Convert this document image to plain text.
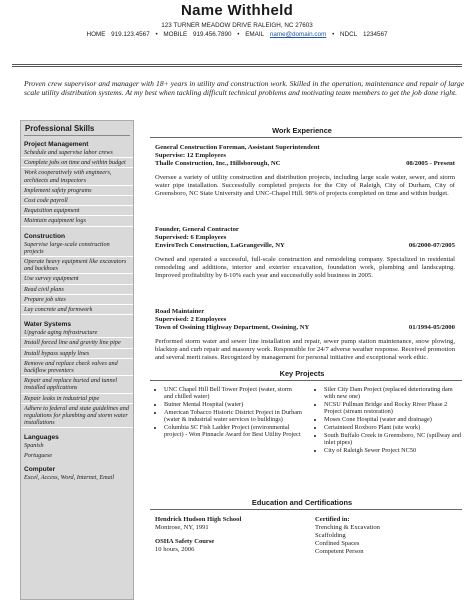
Name Withheld
123 TURNER MEADOW DRIVE RALEIGH, NC 27603
HOME 919.123.4567 • MOBILE 919.456.7890 • EMAIL name@domain.com • NDCL 1234567
Proven crew supervisor and manager with 18+ years in utility and construction work. Skilled in the operation, maintenance and repair of large scale utility distribution systems. At my best when tackling difficult technical problems and motivating team members to get the job done right.
Professional Skills
Project Management
Schedule and supervise labor crews
Complete jobs on time and within budget
Work cooperatively with engineers, architects and inspectors
Implement safety programs
Cost code payroll
Requisition equipment
Maintain equipment logs
Construction
Supervise large-scale construction projects
Operate heavy equipment like excavators and backhoes
Use survey equipment
Read civil plans
Prepare job sites
Lay concrete and formwork
Water Systems
Upgrade aging infrastructure
Install forced line and gravity line pipe
Install bypass supply lines
Remove and replace check valves and backflow preventers
Repair and replace buried and tunnel installed applications
Repair leaks in industrial pipe
Adhere to federal and state guidelines and regulations for plumbing and storm water installations
Languages
Spanish
Portuguese
Computer
Excel, Access, Word, Internet, Email
Work Experience
General Construction Foreman, Assistant Superintendent
Supervise: 12 Employees
Thalle Construction, Inc., Hillsborough, NC	08/2005 - Present
Oversee a variety of utility construction and distribution projects, including large scale water, sewer, and storm water pipe installation. Successfully completed projects for the City of Raleigh, City of Durham, City of Greensboro, NC State University and UNC-Chapel Hill. 98% of projects completed on time and within budget.
Founder, General Contractor
Supervised: 6 Employees
EnviroTech Construction, LaGrangeville, NY	06/2000-07/2005
Owned and operated a successful, full-scale construction and remodeling company. Specialized in residential remodeling and additions, interior and exterior excavation, foundation work, plumbing and landscaping. Improved profitability by 8-10% each year and successfully sold business in 2005.
Road Maintainer
Supervised: 2 Employees
Town of Ossining Highway Department, Ossining, NY	01/1994-05/2000
Performed storm water and sewer line installation and repair, sewer pump station maintenance, snow plowing, blacktop and curb repair and masonry work. Responsible for 24/7 adverse weather response. Received promotion and several merit raises. Recognized by management for personal initiative and exceptional work ethic.
Key Projects
• UNC Chapel Hill Bell Tower Project (water, storm and chilled water)
• Butner Mental Hospital (water)
• American Tobacco Historic District Project in Durham (water & industrial water services to buildings)
• Columbia SC Fish Ladder Project (environmental project) - Won Pinnacle Award for Best Utility Project
• Siler City Dam Project (replaced deteriorating dam with new one)
• NCSU Pullman Bridge and Rocky River Phase 2 Project (stream restoration)
• Moses Cone Hospital (water and drainage)
• Certainteed Roxboro Plant (site work)
• South Buffalo Creek in Greensboro, NC (spillway and inlet pipes)
• City of Raleigh Sewer Project NC50
Education and Certifications
Hendrick Hudson High School
Montrose, NY, 1991
OSHA Safety Course
10 hours, 2006
Certified in:
Trenching & Excavation
Scaffolding
Confined Spaces
Competent Person
